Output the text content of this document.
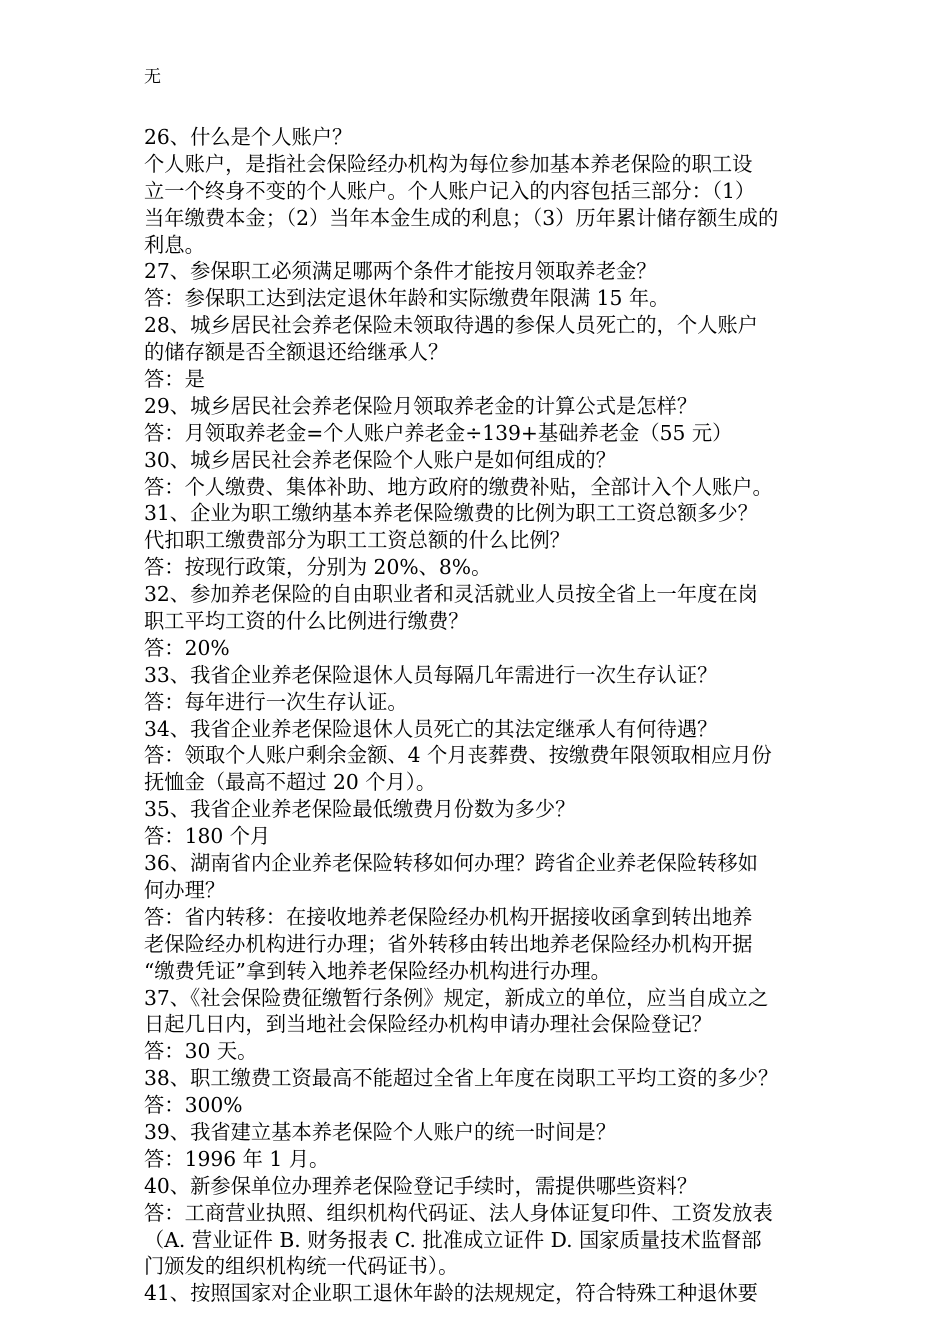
无
26、什么是个人账户？
个人账户，是指社会保险经办机构为每位参加基本养老保险的职工设
立一个终身不变的个人账户。个人账户记入的内容包括三部分：（1）
当年缴费本金；（2）当年本金生成的利息；（3）历年累计储存额生成的
利息。
27、参保职工必须满足哪两个条件才能按月领取养老金？
答：参保职工达到法定退休年龄和实际缴费年限满 15 年。
28、城乡居民社会养老保险未领取待遇的参保人员死亡的，个人账户
的储存额是否全额退还给继承人？
答：是
29、城乡居民社会养老保险月领取养老金的计算公式是怎样？
答：月领取养老金=个人账户养老金÷139+基础养老金（55 元）
30、城乡居民社会养老保险个人账户是如何组成的？
答：个人缴费、集体补助、地方政府的缴费补贴，全部计入个人账户。
31、企业为职工缴纳基本养老保险缴费的比例为职工工资总额多少？
代扣职工缴费部分为职工工资总额的什么比例？
答：按现行政策，分别为 20%、8%。
32、参加养老保险的自由职业者和灵活就业人员按全省上一年度在岗
职工平均工资的什么比例进行缴费？
答：20%
33、我省企业养老保险退休人员每隔几年需进行一次生存认证？
答：每年进行一次生存认证。
34、我省企业养老保险退休人员死亡的其法定继承人有何待遇？
答：领取个人账户剩余金额、4 个月丧葬费、按缴费年限领取相应月份
抚恤金（最高不超过 20 个月）。
35、我省企业养老保险最低缴费月份数为多少？
答：180 个月
36、湖南省内企业养老保险转移如何办理？跨省企业养老保险转移如
何办理？
答：省内转移：在接收地养老保险经办机构开据接收函拿到转出地养
老保险经办机构进行办理；省外转移由转出地养老保险经办机构开据
“缴费凭证”拿到转入地养老保险经办机构进行办理。
37、《社会保险费征缴暂行条例》规定，新成立的单位，应当自成立之
日起几日内，到当地社会保险经办机构申请办理社会保险登记？
答：30 天。
38、职工缴费工资最高不能超过全省上年度在岗职工平均工资的多少？
答：300%
39、我省建立基本养老保险个人账户的统一时间是？
答：1996 年 1 月。
40、新参保单位办理养老保险登记手续时，需提供哪些资料？
答：工商营业执照、组织机构代码证、法人身体证复印件、工资发放表
（A. 营业证件 B. 财务报表 C. 批准成立证件 D. 国家质量技术监督部
门颁发的组织机构统一代码证书）。
41、按照国家对企业职工退休年龄的法规规定，符合特殊工种退休要
